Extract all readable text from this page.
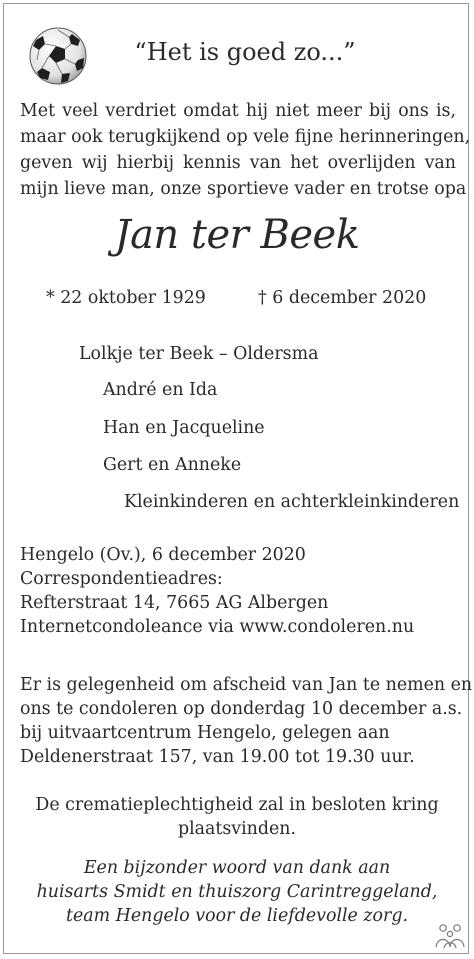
“Het is goed zo...”
Met veel verdriet omdat hij niet meer bij ons is,
maar ook terugkijkend op vele fijne herinneringen,
geven wij hierbij kennis van het overlijden van
mijn lieve man, onze sportieve vader en trotse opa
Jan ter Beek
* 22 oktober 1929	† 6 december 2020
Lolkje ter Beek – Oldersma
André en Ida
Han en Jacqueline
Gert en Anneke
Kleinkinderen en achterkleinkinderen
Hengelo (Ov.), 6 december 2020
Correspondentieadres:
Refterstraat 14, 7665 AG Albergen
Internetcondoleance via www.condoleren.nu
Er is gelegenheid om afscheid van Jan te nemen en
ons te condoleren op donderdag 10 december a.s.
bij uitvaartcentrum Hengelo, gelegen aan
Deldenerstraat 157, van 19.00 tot 19.30 uur.
De crematieplechtigheid zal in besloten kring
plaatsvinden.
Een bijzonder woord van dank aan
huisarts Smidt en thuiszorg Carintreggeland,
team Hengelo voor de liefdevolle zorg.
